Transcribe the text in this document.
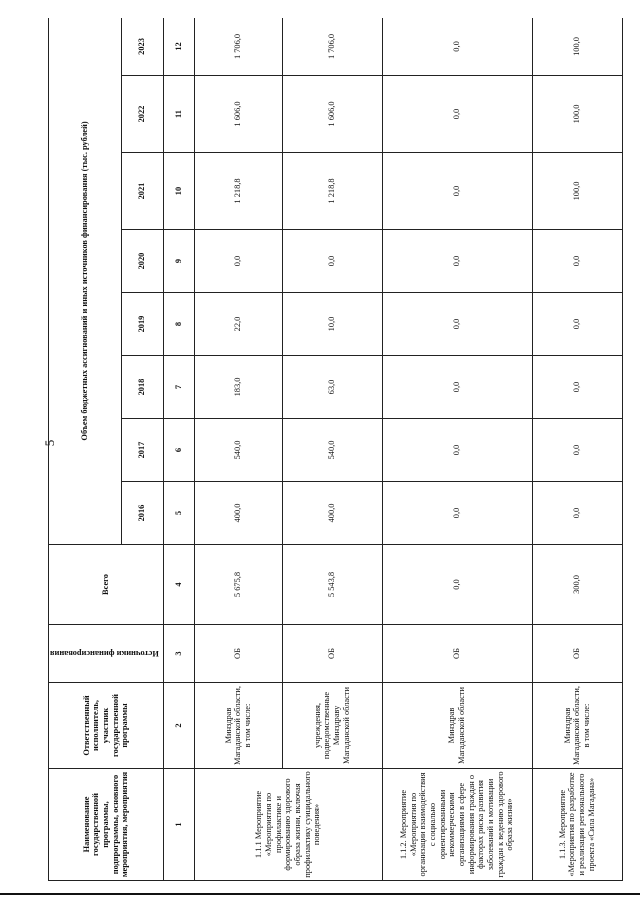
5
Наименование государственной программы, подпрограммы, основного мероприятия, мероприятия	Ответственный исполнитель, участник государственной программы	Источники финансирования	Всего	Объем бюджетных ассигнований и иных источников финансирования (тыс. рублей)							
				2016	2017	2018	2019	2020	2021	2022	2023
1	2	3	4	5	6	7	8	9	10	11	12
1.1.1 Мероприятие «Мероприятия по профилактике и формированию здорового образа жизни, включая профилактику суицидального поведения»	Минздрав Магаданской области, в том числе:	ОБ	5 675,8	400,0	540,0	183,0	22,0	0,0	1 218,8	1 606,0	1 706,0
	учреждения, подведомственные Минздраву Магаданской области	ОБ	5 543,8	400,0	540,0	63,0	10,0	0,0	1 218,8	1 606,0	1 706,0
1.1.2. Мероприятие «Мероприятия по организации взаимодействия с социально ориентированными некоммерческими организациями в сфере информирования граждан о факторах риска развития заболеваний и мотивации граждан к ведению здорового образа жизни»	Минздрав Магаданской области	ОБ	0,0	0,0	0,0	0,0	0,0	0,0	0,0	0,0	0,0
1.1.3. Мероприятие «Мероприятия по разработке и реализации регионального проекта «Сила Магадана»	Минздрав Магаданской области, в том числе:	ОБ	300,0	0,0	0,0	0,0	0,0	0,0	100,0	100,0	100,0
